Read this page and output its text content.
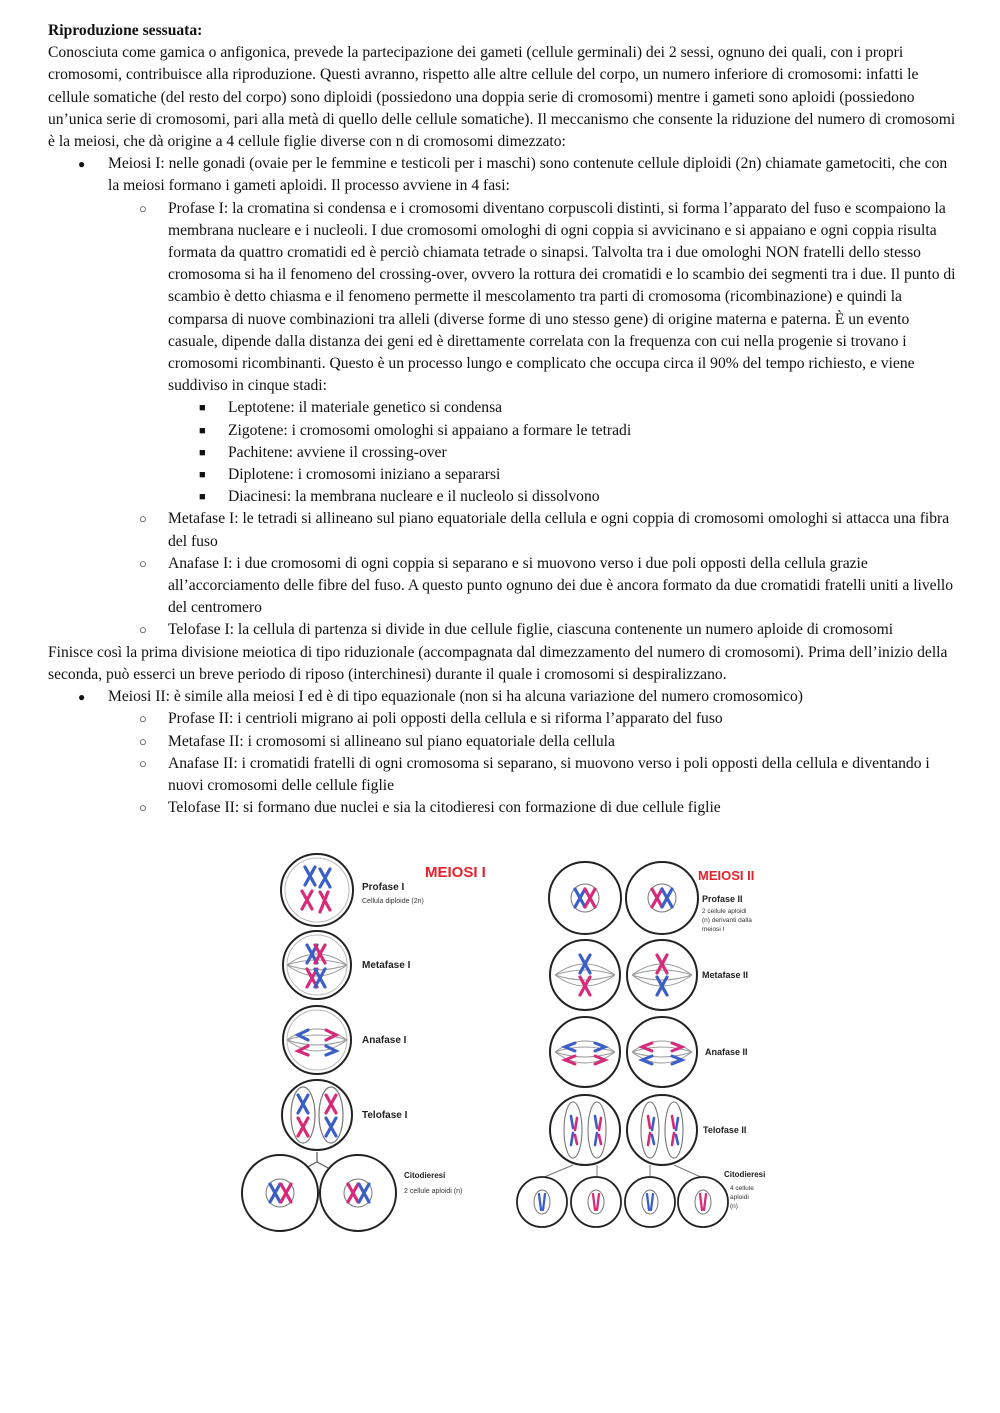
Riproduzione sessuata:

Conosciuta come gamica o anfigonica, prevede la partecipazione dei gameti (cellule germinali) dei 2 sessi, ognuno dei quali, con i propri cromosomi, contribuisce alla riproduzione. Questi avranno, rispetto alle altre cellule del corpo, un numero inferiore di cromosomi: infatti le cellule somatiche (del resto del corpo) sono diploidi (possiedono una doppia serie di cromosomi) mentre i gameti sono aploidi (possiedono un’unica serie di cromosomi, pari alla metà di quello delle cellule somatiche). Il meccanismo che consente la riduzione del numero di cromosomi è la meiosi, che dà origine a 4 cellule figlie diverse con n di cromosomi dimezzato:

● Meiosi I: nelle gonadi (ovaie per le femmine e testicoli per i maschi) sono contenute cellule diploidi (2n) chiamate gametociti, che con la meiosi formano i gameti aploidi. Il processo avviene in 4 fasi:
○ Profase I: la cromatina si condensa e i cromosomi diventano corpuscoli distinti, si forma l’apparato del fuso e scompaiono la membrana nucleare e i nucleoli. I due cromosomi omologhi di ogni coppia si avvicinano e si appaiano e ogni coppia risulta formata da quattro cromatidi ed è perciò chiamata tetrade o sinapsi. Talvolta tra i due omologhi NON fratelli dello stesso cromosoma si ha il fenomeno del crossing-over, ovvero la rottura dei cromatidi e lo scambio dei segmenti tra i due. Il punto di scambio è detto chiasma e il fenomeno permette il mescolamento tra parti di cromosoma (ricombinazione) e quindi la comparsa di nuove combinazioni tra alleli (diverse forme di uno stesso gene) di origine materna e paterna. È un evento casuale, dipende dalla distanza dei geni ed è direttamente correlata con la frequenza con cui nella progenie si trovano i cromosomi ricombinanti. Questo è un processo lungo e complicato che occupa circa il 90% del tempo richiesto, e viene suddiviso in cinque stadi:
■ Leptotene: il materiale genetico si condensa
■ Zigotene: i cromosomi omologhi si appaiano a formare le tetradi
■ Pachitene: avviene il crossing-over
■ Diplotene: i cromosomi iniziano a separarsi
■ Diacinesi: la membrana nucleare e il nucleolo si dissolvono
○ Metafase I: le tetradi si allineano sul piano equatoriale della cellula e ogni coppia di cromosomi omologhi si attacca una fibra del fuso
○ Anafase I: i due cromosomi di ogni coppia si separano e si muovono verso i due poli opposti della cellula grazie all’accorciamento delle fibre del fuso. A questo punto ognuno dei due è ancora formato da due cromatidi fratelli uniti a livello del centromero
○ Telofase I: la cellula di partenza si divide in due cellule figlie, ciascuna contenente un numero aploide di cromosomi

Finisce così la prima divisione meiotica di tipo riduzionale (accompagnata dal dimezzamento del numero di cromosomi). Prima dell’inizio della seconda, può esserci un breve periodo di riposo (interchinesi) durante il quale i cromosomi si despiralizzano.

● Meiosi II: è simile alla meiosi I ed è di tipo equazionale (non si ha alcuna variazione del numero cromosomico)
○ Profase II: i centrioli migrano ai poli opposti della cellula e si riforma l’apparato del fuso
○ Metafase II: i cromosomi si allineano sul piano equatoriale della cellula
○ Anafase II: i cromatidi fratelli di ogni cromosoma si separano, si muovono verso i poli opposti della cellula e diventando i nuovi cromosomi delle cellule figlie
○ Telofase II: si formano due nuclei e sia la citodieresi con formazione di due cellule figlie
MEIOSI I
Profase I
Cellula diploide (2n)
Metafase I
Anafase I
Telofase I
Citodieresi
2 cellule aploidi (n)
MEIOSI II
Profase II
2 cellule aploidi
(n) derivanti dalla
meiosi I
Metafase II
Anafase II
Telofase II
Citodieresi
4 cellule
aploidi
(n)
